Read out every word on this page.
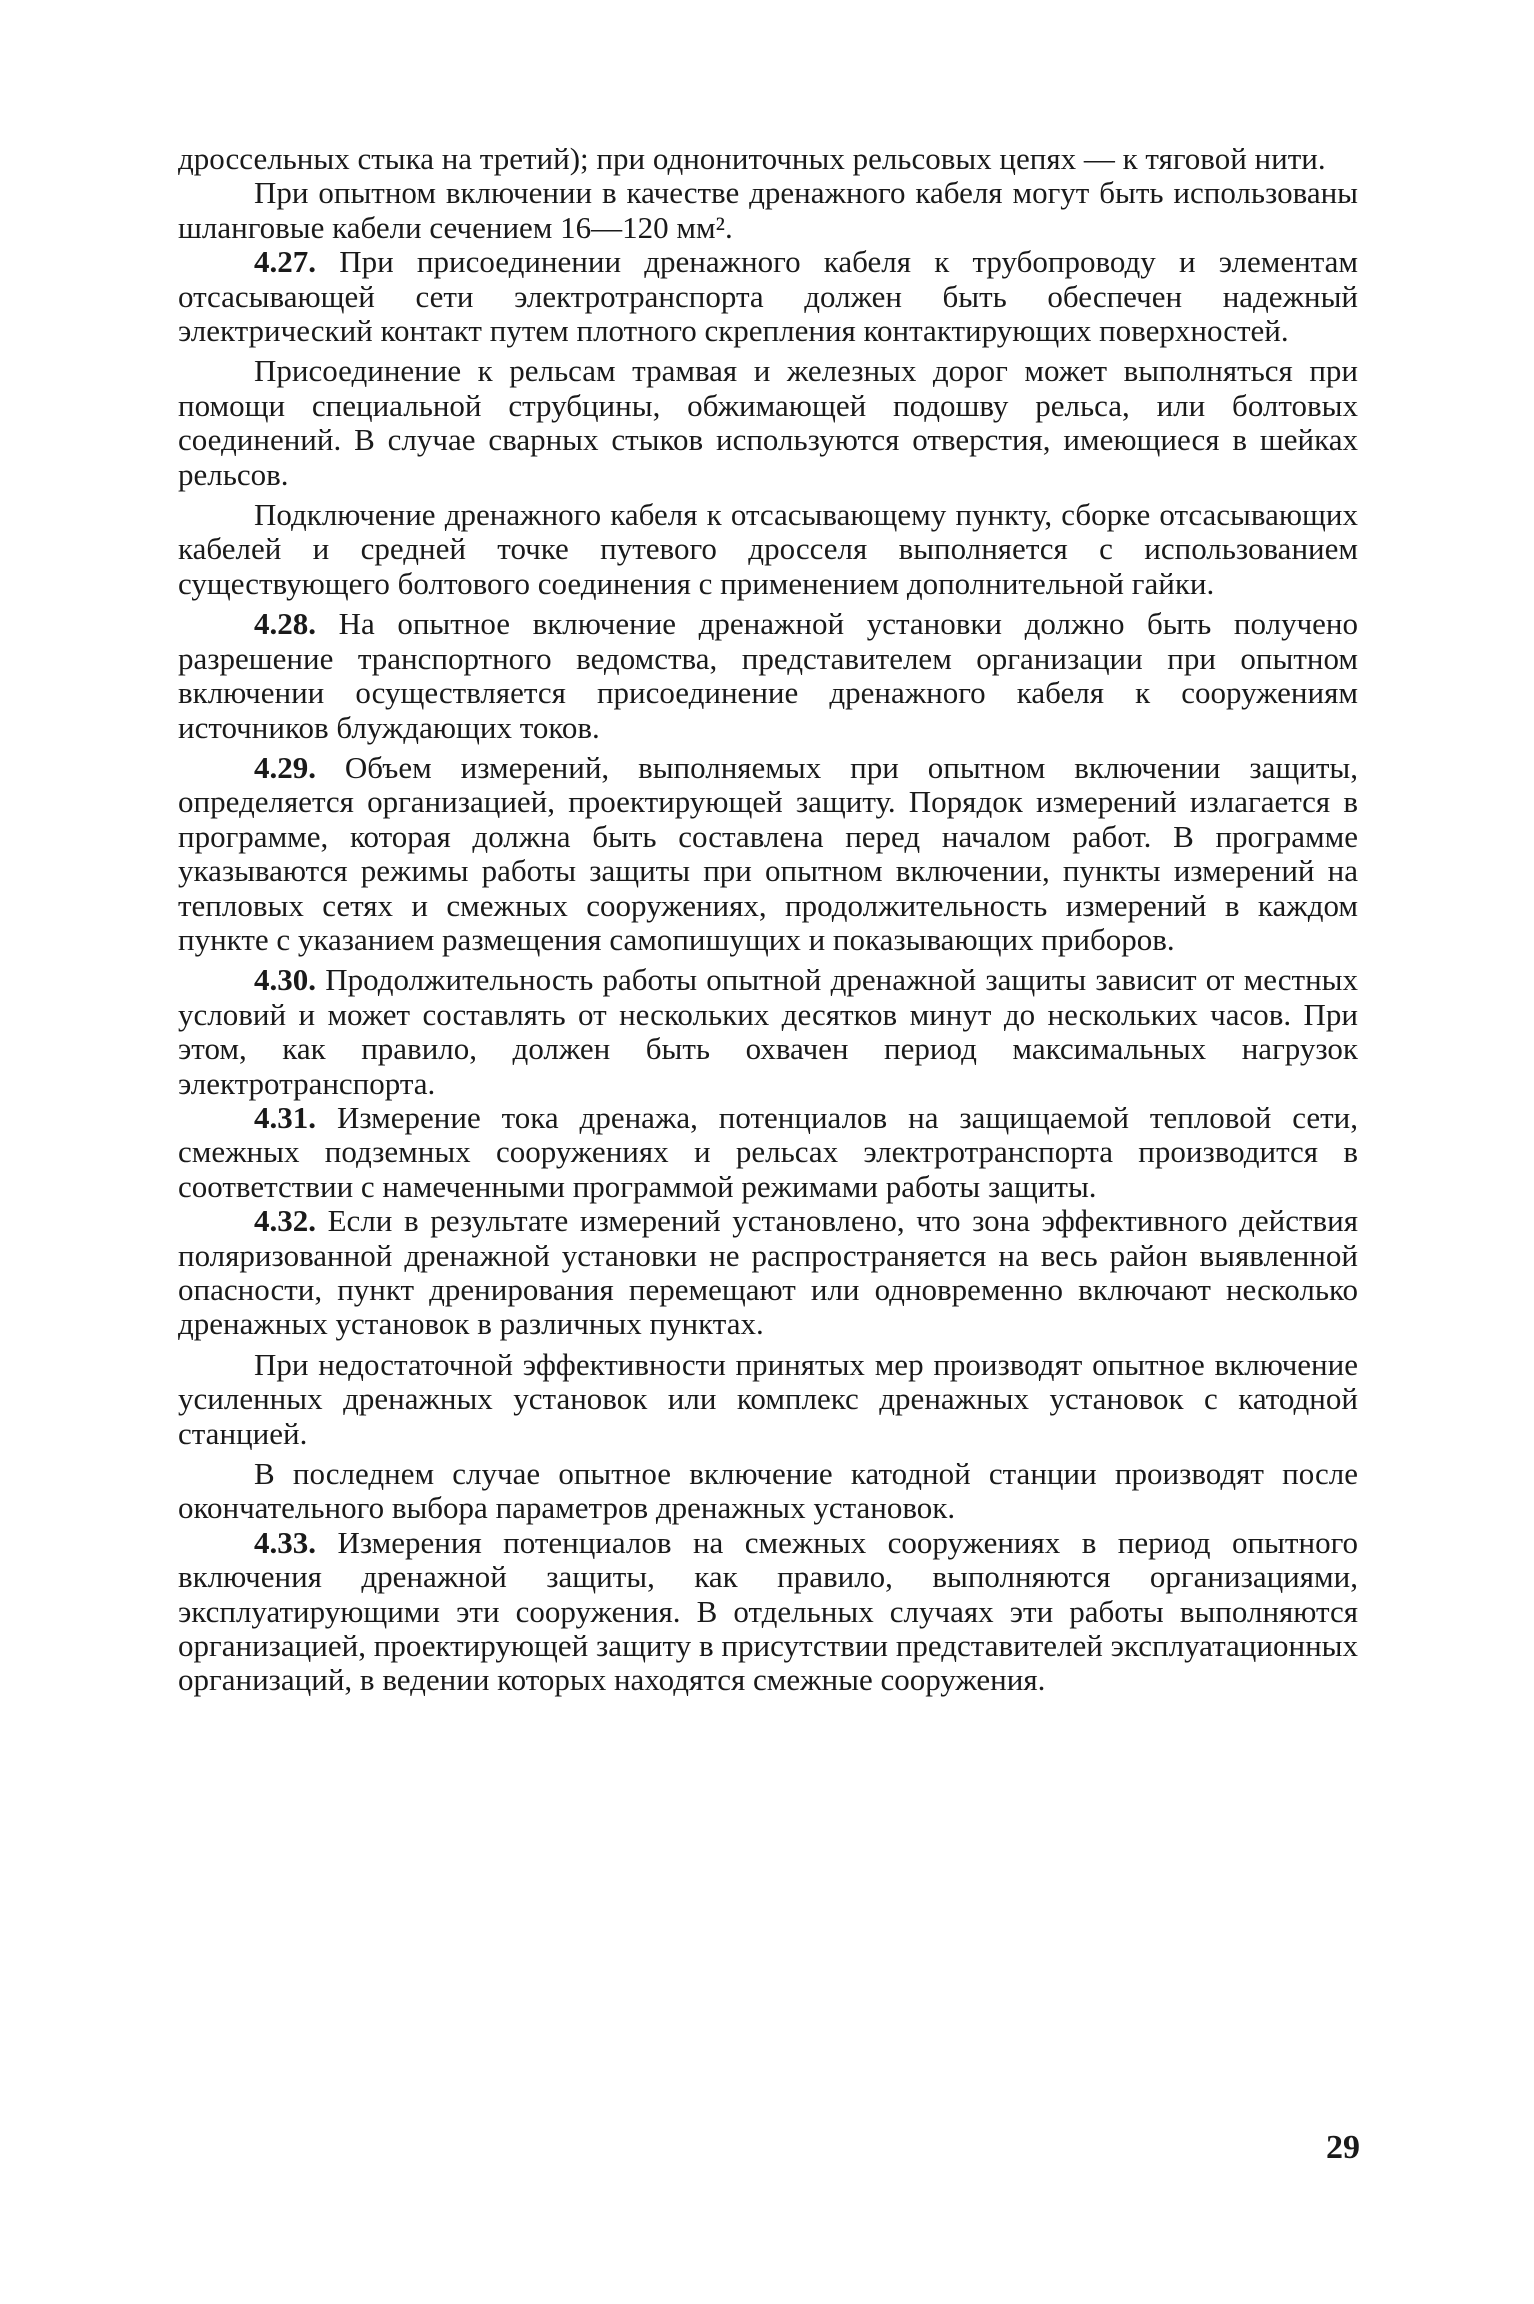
дроссельных стыка на третий); при однониточных рельсовых цепях — к тяговой нити.

При опытном включении в качестве дренажного кабеля могут быть использованы шланговые кабели сечением 16—120 мм².

4.27. При присоединении дренажного кабеля к трубопроводу и элементам отсасывающей сети электротранспорта должен быть обеспечен надежный электрический контакт путем плотного скрепления контактирующих поверхностей.

Присоединение к рельсам трамвая и железных дорог может выполняться при помощи специальной струбцины, обжимающей подошву рельса, или болтовых соединений. В случае сварных стыков используются отверстия, имеющиеся в шейках рельсов.

Подключение дренажного кабеля к отсасывающему пункту, сборке отсасывающих кабелей и средней точке путевого дросселя выполняется с использованием существующего болтового соединения с применением дополнительной гайки.

4.28. На опытное включение дренажной установки должно быть получено разрешение транспортного ведомства, представителем организации при опытном включении осуществляется присоединение дренажного кабеля к сооружениям источников блуждающих токов.

4.29. Объем измерений, выполняемых при опытном включении защиты, определяется организацией, проектирующей защиту. Порядок измерений излагается в программе, которая должна быть составлена перед началом работ. В программе указываются режимы работы защиты при опытном включении, пункты измерений на тепловых сетях и смежных сооружениях, продолжительность измерений в каждом пункте с указанием размещения самопишущих и показывающих приборов.

4.30. Продолжительность работы опытной дренажной защиты зависит от местных условий и может составлять от нескольких десятков минут до нескольких часов. При этом, как правило, должен быть охвачен период максимальных нагрузок электротранспорта.

4.31. Измерение тока дренажа, потенциалов на защищаемой тепловой сети, смежных подземных сооружениях и рельсах электротранспорта производится в соответствии с намеченными программой режимами работы защиты.

4.32. Если в результате измерений установлено, что зона эффективного действия поляризованной дренажной установки не распространяется на весь район выявленной опасности, пункт дренирования перемещают или одновременно включают несколько дренажных установок в различных пунктах.

При недостаточной эффективности принятых мер производят опытное включение усиленных дренажных установок или комплекс дренажных установок с катодной станцией.

В последнем случае опытное включение катодной станции производят после окончательного выбора параметров дренажных установок.

4.33. Измерения потенциалов на смежных сооружениях в период опытного включения дренажной защиты, как правило, выполняются организациями, эксплуатирующими эти сооружения. В отдельных случаях эти работы выполняются организацией, проектирующей защиту в присутствии представителей эксплуатационных организаций, в ведении которых находятся смежные сооружения.

29
